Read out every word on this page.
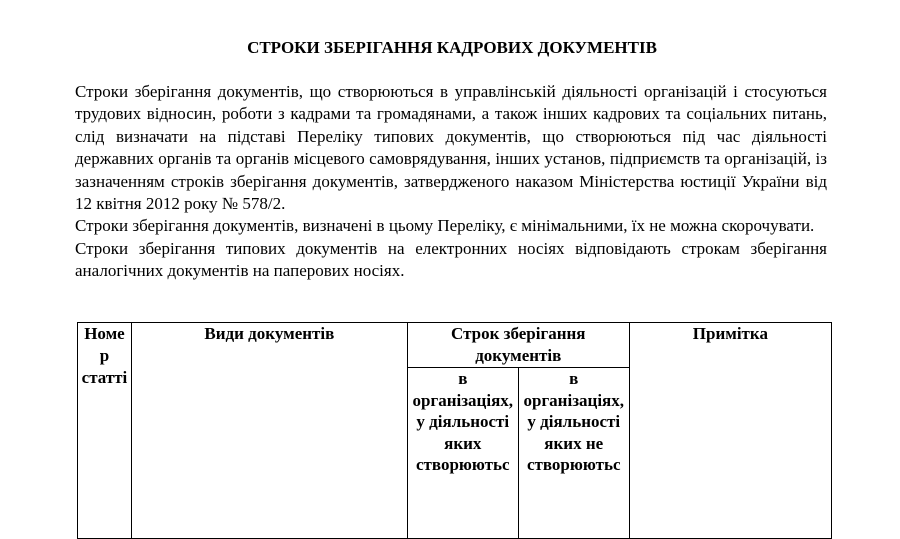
СТРОКИ ЗБЕРІГАННЯ КАДРОВИХ ДОКУМЕНТІВ

Строки зберігання документів, що створюються в управлінській діяльності організацій і стосуються трудових відносин, роботи з кадрами та громадянами, а також інших кадрових та соціальних питань, слід визначати на підставі Переліку типових документів, що створюються під час діяльності державних органів та органів місцевого самоврядування, інших установ, підприємств та організацій, із зазначенням строків зберігання документів, затвердженого наказом Міністерства юстиції України від 12 квітня 2012 року № 578/2.

Строки зберігання документів, визначені в цьому Переліку, є мінімальними, їх не можна скорочувати.

Строки зберігання типових документів на електронних носіях відповідають строкам зберігання аналогічних документів на паперових носіях.

Номер статті	Види документів	Строк зберігання документів		Примітка
		в організаціях, у діяльності яких створюютьс	в організаціях, у діяльності яких не створюютьс	
